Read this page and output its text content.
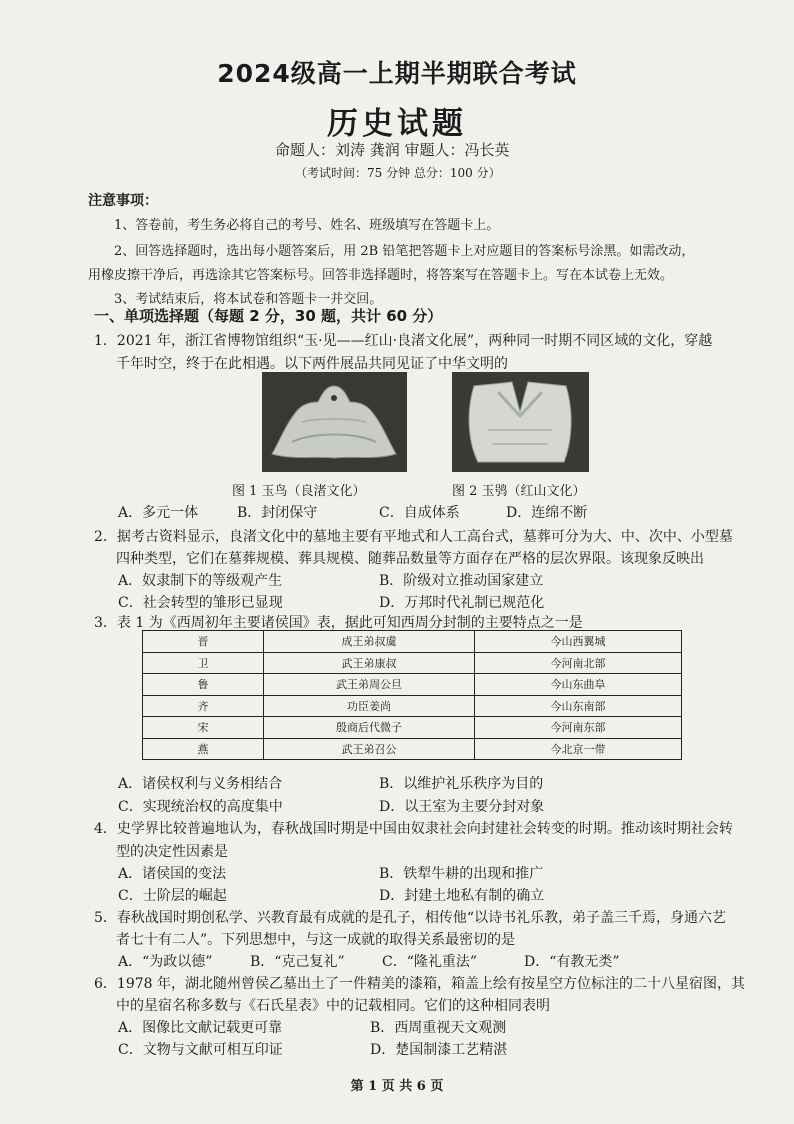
2024级高一上期半期联合考试
历史试题
命题人：刘涛 龚润 审题人：冯长英
（考试时间：75 分钟 总分：100 分）
注意事项：
1、答卷前，考生务必将自己的考号、姓名、班级填写在答题卡上。
2、回答选择题时，选出每小题答案后，用 2B 铅笔把答题卡上对应题目的答案标号涂黑。如需改动，
用橡皮擦干净后，再选涂其它答案标号。回答非选择题时，将答案写在答题卡上。写在本试卷上无效。
3、考试结束后，将本试卷和答题卡一并交回。
一、单项选择题（每题 2 分，30 题，共计 60 分）
1．2021 年，浙江省博物馆组织“玉·见——红山·良渚文化展”，两种同一时期不同区域的文化，穿越
千年时空，终于在此相遇。以下两件展品共同见证了中华文明的
图 1 玉鸟（良渚文化）	图 2 玉鸮（红山文化）
A．多元一体	B．封闭保守	C．自成体系	D．连绵不断
2．据考古资料显示，良渚文化中的墓地主要有平地式和人工高台式，墓葬可分为大、中、次中、小型墓
四种类型，它们在墓葬规模、葬具规模、随葬品数量等方面存在严格的层次界限。该现象反映出
A．奴隶制下的等级观产生	B．阶级对立推动国家建立
C．社会转型的雏形已显现	D．万邦时代礼制已规范化
3．表 1 为《西周初年主要诸侯国》表，据此可知西周分封制的主要特点之一是
晋	成王弟叔虞	今山西翼城
卫	武王弟康叔	今河南北部
鲁	武王弟周公旦	今山东曲阜
齐	功臣姜尚	今山东南部
宋	殷商后代微子	今河南东部
燕	武王弟召公	今北京一带
A．诸侯权利与义务相结合	B．以维护礼乐秩序为目的
C．实现统治权的高度集中	D．以王室为主要分封对象
4．史学界比较普遍地认为，春秋战国时期是中国由奴隶社会向封建社会转变的时期。推动该时期社会转
型的决定性因素是
A．诸侯国的变法	B．铁犁牛耕的出现和推广
C．士阶层的崛起	D．封建土地私有制的确立
5．春秋战国时期创私学、兴教育最有成就的是孔子，相传他“以诗书礼乐教，弟子盖三千焉，身通六艺
者七十有二人”。下列思想中，与这一成就的取得关系最密切的是
A．“为政以德”	B．“克己复礼”	C．“隆礼重法”	D．“有教无类”
6．1978 年，湖北随州曾侯乙墓出土了一件精美的漆箱，箱盖上绘有按星空方位标注的二十八星宿图，其
中的星宿名称多数与《石氏星表》中的记载相同。它们的这种相同表明
A．图像比文献记载更可靠	B．西周重视天文观测
C．文物与文献可相互印证	D．楚国制漆工艺精湛
第 1 页 共 6 页
